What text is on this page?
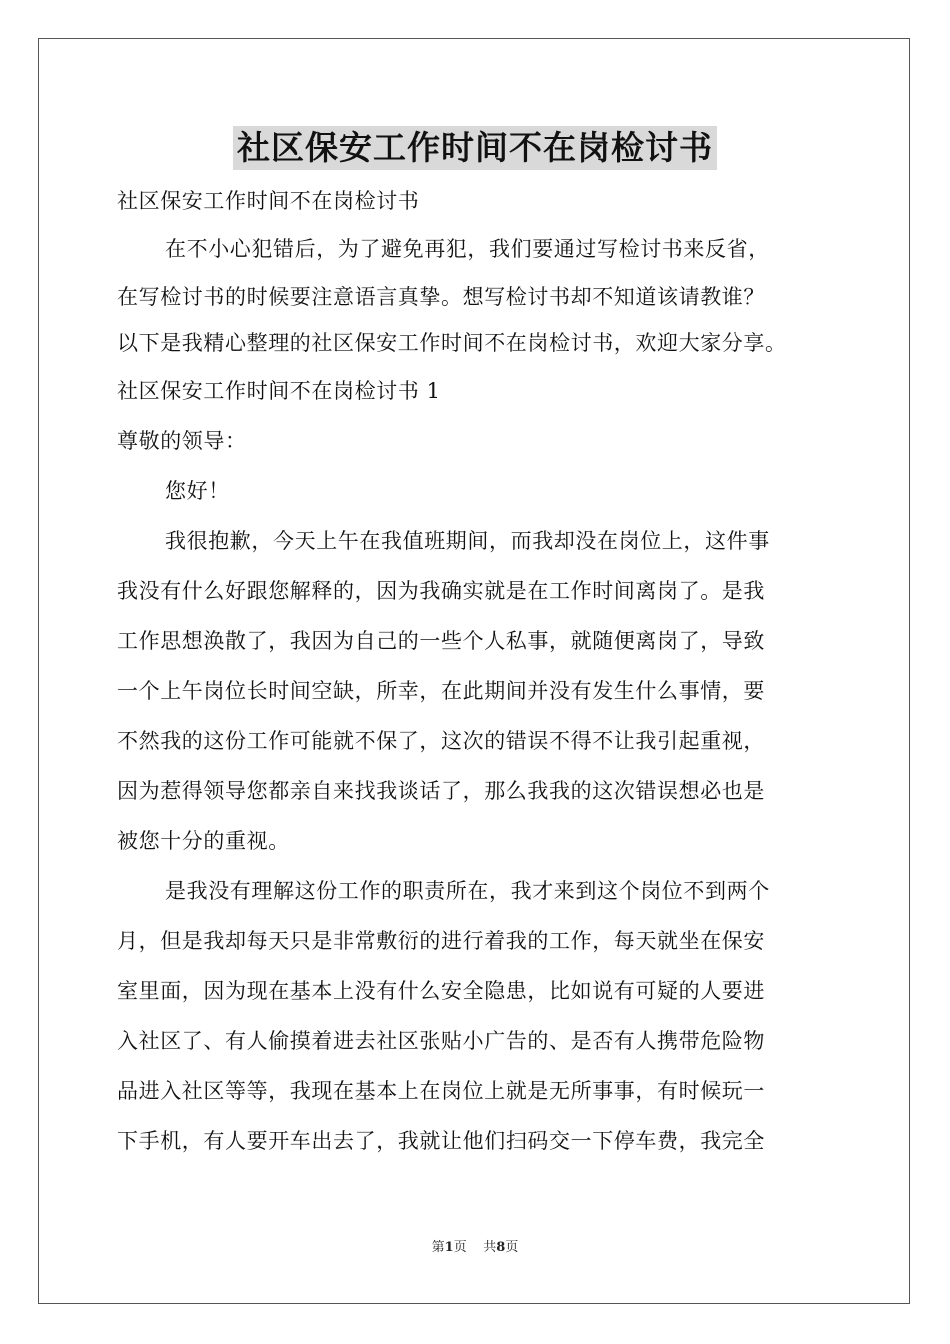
社区保安工作时间不在岗检讨书
社区保安工作时间不在岗检讨书
在不小心犯错后，为了避免再犯，我们要通过写检讨书来反省，
在写检讨书的时候要注意语言真挚。想写检讨书却不知道该请教谁？
以下是我精心整理的社区保安工作时间不在岗检讨书，欢迎大家分享。
社区保安工作时间不在岗检讨书 1
尊敬的领导：
您好！
我很抱歉，今天上午在我值班期间，而我却没在岗位上，这件事
我没有什么好跟您解释的，因为我确实就是在工作时间离岗了。是我
工作思想涣散了，我因为自己的一些个人私事，就随便离岗了，导致
一个上午岗位长时间空缺，所幸，在此期间并没有发生什么事情，要
不然我的这份工作可能就不保了，这次的错误不得不让我引起重视，
因为惹得领导您都亲自来找我谈话了，那么我我的这次错误想必也是
被您十分的重视。
是我没有理解这份工作的职责所在，我才来到这个岗位不到两个
月，但是我却每天只是非常敷衍的进行着我的工作，每天就坐在保安
室里面，因为现在基本上没有什么安全隐患，比如说有可疑的人要进
入社区了、有人偷摸着进去社区张贴小广告的、是否有人携带危险物
品进入社区等等，我现在基本上在岗位上就是无所事事，有时候玩一
下手机，有人要开车出去了，我就让他们扫码交一下停车费，我完全
第1页 共8页
